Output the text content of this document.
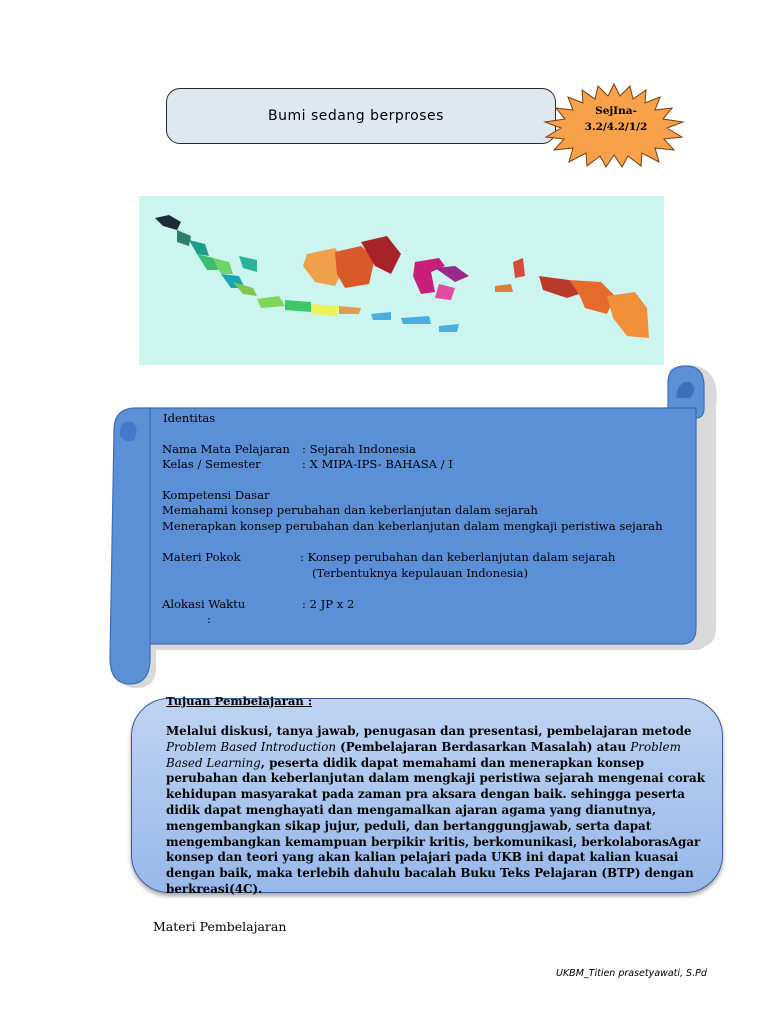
Bumi sedang berproses	SejIna-
3.2/4.2/1/2
Identitas
Nama Mata Pelajaran : Sejarah Indonesia
Kelas / Semester	: X MIPA-IPS- BAHASA / I
Kompetensi Dasar
Memahami konsep perubahan dan keberlanjutan dalam sejarah
Menerapkan konsep perubahan dan keberlanjutan dalam mengkaji peristiwa sejarah
Materi Pokok	: Konsep perubahan dan keberlanjutan dalam sejarah
(Terbentuknya kepulauan Indonesia)
Alokasi Waktu	: 2 JP x 2
:
Tujuan Pembelajaran :
Melalui diskusi, tanya jawab, penugasan dan presentasi, pembelajaran metode Problem Based Introduction (Pembelajaran Berdasarkan Masalah) atau Problem Based Learning, peserta didik dapat memahami dan menerapkan konsep perubahan dan keberlanjutan dalam mengkaji peristiwa sejarah mengenai corak kehidupan masyarakat pada zaman pra aksara dengan baik. sehingga peserta didik dapat menghayati dan mengamalkan ajaran agama yang dianutnya, mengembangkan sikap jujur, peduli, dan bertanggungjawab, serta dapat mengembangkan kemampuan berpikir kritis, berkomunikasi, berkolaborasAgar konsep dan teori yang akan kalian pelajari pada UKB ini dapat kalian kuasai dengan baik, maka terlebih dahulu bacalah Buku Teks Pelajaran (BTP) dengan berkreasi(4C).
Materi Pembelajaran
UKBM_Titien prasetyawati, S.Pd
